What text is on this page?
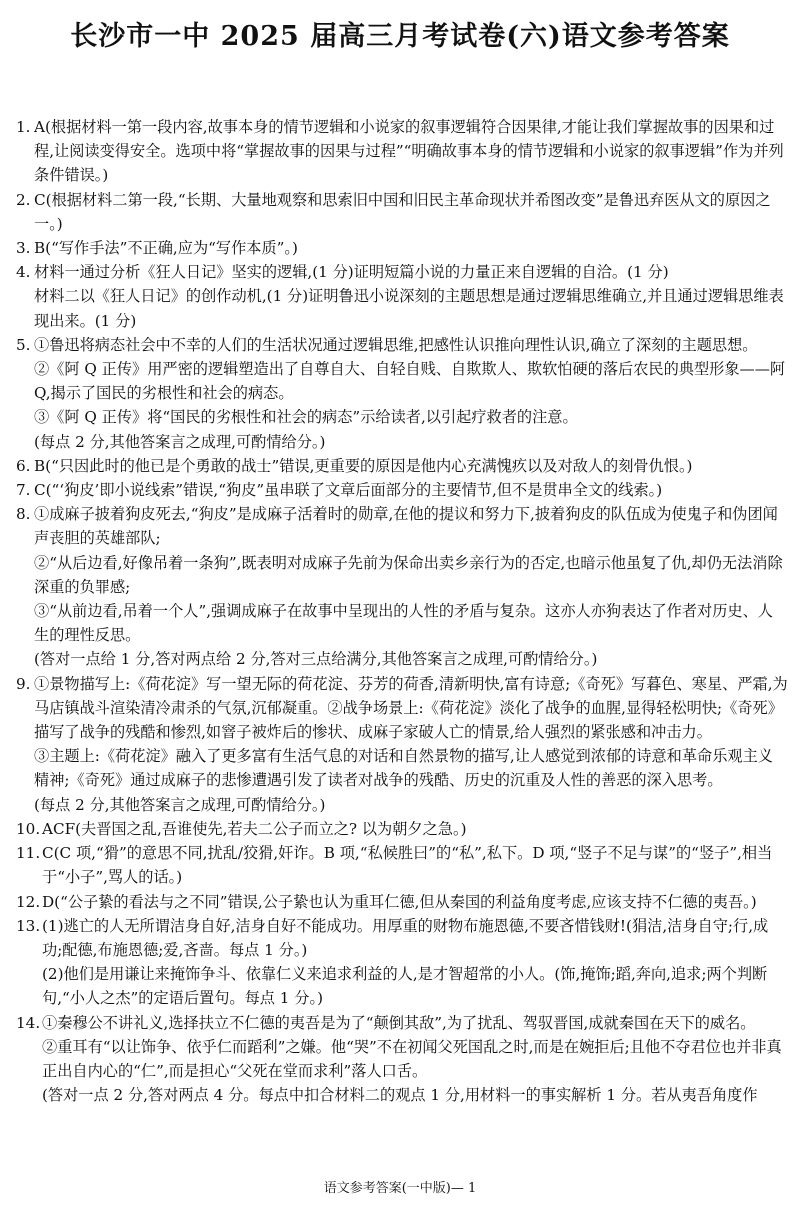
长沙市一中 2025 届高三月考试卷(六)语文参考答案
1. A(根据材料一第一段内容,故事本身的情节逻辑和小说家的叙事逻辑符合因果律,才能让我们掌握故事的因果和过程,让阅读变得安全。选项中将“掌握故事的因果与过程”“明确故事本身的情节逻辑和小说家的叙事逻辑”作为并列条件错误。)
2. C(根据材料二第一段,“长期、大量地观察和思索旧中国和旧民主革命现状并希图改变”是鲁迅弃医从文的原因之一。)
3. B(“写作手法”不正确,应为“写作本质”。)
4. 材料一通过分析《狂人日记》坚实的逻辑,(1 分)证明短篇小说的力量正来自逻辑的自洽。(1 分)
材料二以《狂人日记》的创作动机,(1 分)证明鲁迅小说深刻的主题思想是通过逻辑思维确立,并且通过逻辑思维表现出来。(1 分)
5. ①鲁迅将病态社会中不幸的人们的生活状况通过逻辑思维,把感性认识推向理性认识,确立了深刻的主题思想。
②《阿 Q 正传》用严密的逻辑塑造出了自尊自大、自轻自贱、自欺欺人、欺软怕硬的落后农民的典型形象——阿 Q,揭示了国民的劣根性和社会的病态。
③《阿 Q 正传》将“国民的劣根性和社会的病态”示给读者,以引起疗救者的注意。
(每点 2 分,其他答案言之成理,可酌情给分。)
6. B(“只因此时的他已是个勇敢的战士”错误,更重要的原因是他内心充满愧疚以及对敌人的刻骨仇恨。)
7. C(“‘狗皮’即小说线索”错误,“狗皮”虽串联了文章后面部分的主要情节,但不是贯串全文的线索。)
8. ①成麻子披着狗皮死去,“狗皮”是成麻子活着时的勋章,在他的提议和努力下,披着狗皮的队伍成为使鬼子和伪团闻声丧胆的英雄部队;
②“从后边看,好像吊着一条狗”,既表明对成麻子先前为保命出卖乡亲行为的否定,也暗示他虽复了仇,却仍无法消除深重的负罪感;
③“从前边看,吊着一个人”,强调成麻子在故事中呈现出的人性的矛盾与复杂。这亦人亦狗表达了作者对历史、人生的理性反思。
(答对一点给 1 分,答对两点给 2 分,答对三点给满分,其他答案言之成理,可酌情给分。)
9. ①景物描写上:《荷花淀》写一望无际的荷花淀、芬芳的荷香,清新明快,富有诗意;《奇死》写暮色、寒星、严霜,为马店镇战斗渲染清冷肃杀的气氛,沉郁凝重。②战争场景上:《荷花淀》淡化了战争的血腥,显得轻松明快;《奇死》描写了战争的残酷和惨烈,如窨子被炸后的惨状、成麻子家破人亡的情景,给人强烈的紧张感和冲击力。
③主题上:《荷花淀》融入了更多富有生活气息的对话和自然景物的描写,让人感觉到浓郁的诗意和革命乐观主义精神;《奇死》通过成麻子的悲惨遭遇引发了读者对战争的残酷、历史的沉重及人性的善恶的深入思考。
(每点 2 分,其他答案言之成理,可酌情给分。)
10. ACF(夫晋国之乱,吾谁使先,若夫二公子而立之? 以为朝夕之急。)
11. C(C 项,“猾”的意思不同,扰乱/狡猾,奸诈。B 项,“私候胜曰”的“私”,私下。D 项,“竖子不足与谋”的“竖子”,相当于“小子”,骂人的话。)
12. D(“公子絷的看法与之不同”错误,公子絷也认为重耳仁德,但从秦国的利益角度考虑,应该支持不仁德的夷吾。)
13. (1)逃亡的人无所谓洁身自好,洁身自好不能成功。用厚重的财物布施恩德,不要吝惜钱财!(狷洁,洁身自守;行,成功;配德,布施恩德;爱,吝啬。每点 1 分。)
(2)他们是用谦让来掩饰争斗、依靠仁义来追求利益的人,是才智超常的小人。(饰,掩饰;蹈,奔向,追求;两个判断句,“小人之杰”的定语后置句。每点 1 分。)
14. ①秦穆公不讲礼义,选择扶立不仁德的夷吾是为了“颠倒其敌”,为了扰乱、驾驭晋国,成就秦国在天下的威名。
②重耳有“以让饰争、依乎仁而蹈利”之嫌。他“哭”不在初闻父死国乱之时,而是在婉拒后;且他不夺君位也并非真正出自内心的“仁”,而是担心“父死在堂而求利”落人口舌。
(答对一点 2 分,答对两点 4 分。每点中扣合材料二的观点 1 分,用材料一的事实解析 1 分。若从夷吾角度作
语文参考答案(一中版)— 1
